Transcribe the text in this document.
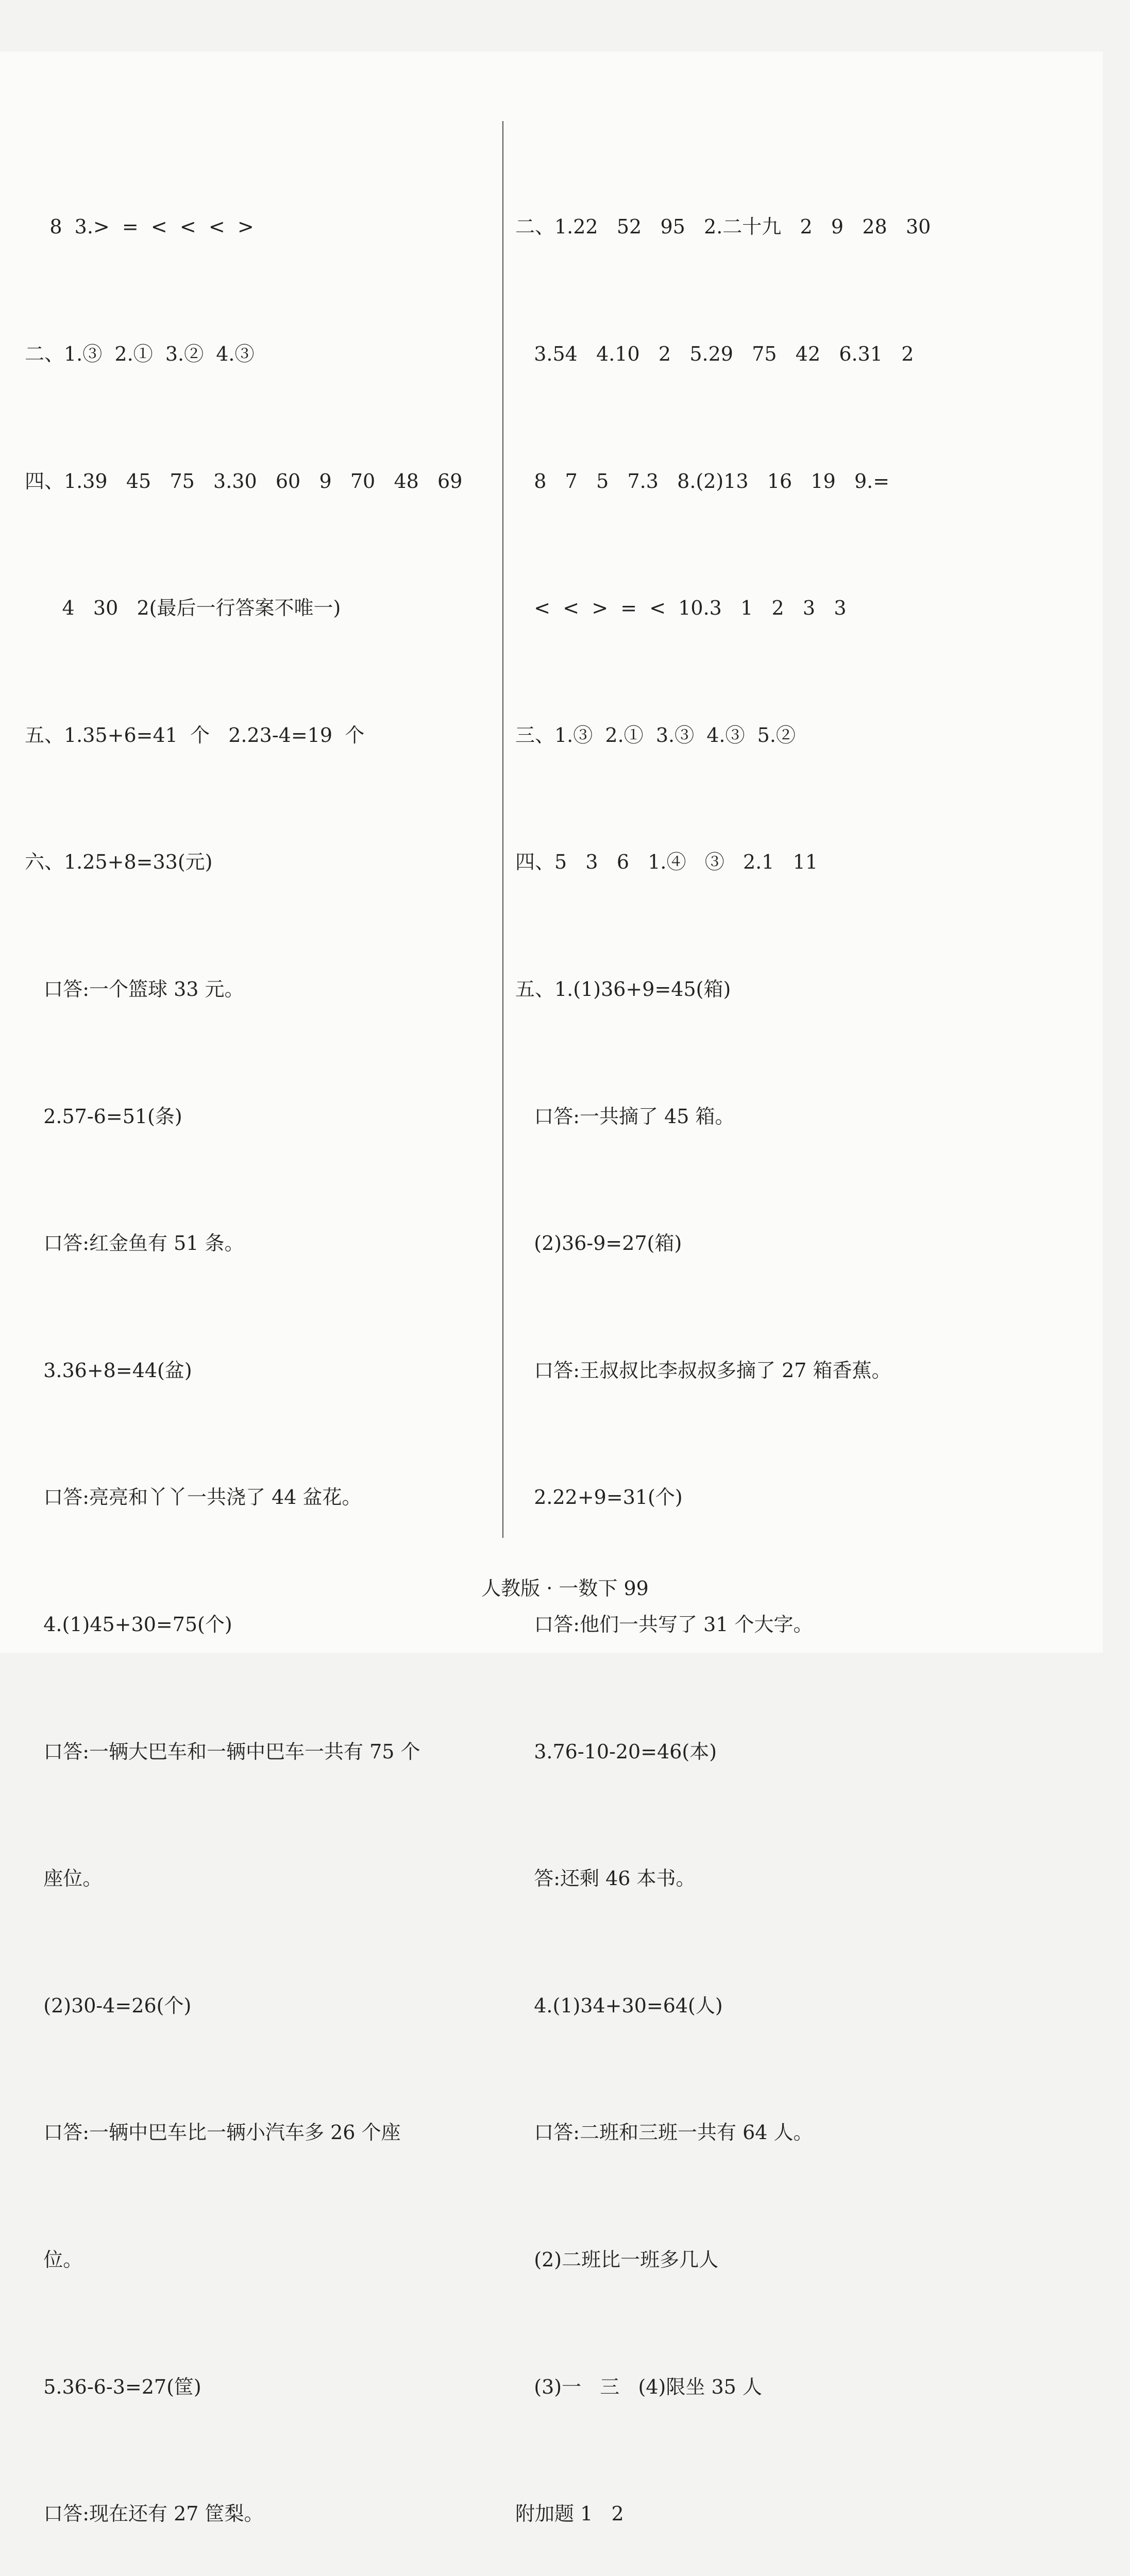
8  3.>  =  <  <  <  >

二、1.③  2.①  3.②  4.③

四、1.39   45   75   3.30   60   9   70   48   69

4   30   2(最后一行答案不唯一)

五、1.35+6=41  个   2.23-4=19  个

六、1.25+8=33(元)

口答:一个篮球 33 元。

2.57-6=51(条)

口答:红金鱼有 51 条。

3.36+8=44(盆)

口答:亮亮和丫丫一共浇了 44 盆花。

4.(1)45+30=75(个)

口答:一辆大巴车和一辆中巴车一共有 75 个

座位。

(2)30-4=26(个)

口答:一辆中巴车比一辆小汽车多 26 个座

位。

5.36-6-3=27(筐)

口答:现在还有 27 筐梨。

二、1.22   52   95   2.二十九   2   9   28   30

3.54   4.10   2   5.29   75   42   6.31   2

8   7   5   7.3   8.(2)13   16   19   9.=

<  <  >  =  <  10.3   1   2   3   3

三、1.③  2.①  3.③  4.③  5.②

四、5   3   6   1.④   ③   2.1   11

五、1.(1)36+9=45(箱)

口答:一共摘了 45 箱。

(2)36-9=27(箱)

口答:王叔叔比李叔叔多摘了 27 箱香蕉。

2.22+9=31(个)

口答:他们一共写了 31 个大字。

3.76-10-20=46(本)

答:还剩 46 本书。

4.(1)34+30=64(人)

口答:二班和三班一共有 64 人。

(2)二班比一班多几人

(3)一   三   (4)限坐 35 人

附加题 1   2

人教版 · 一数下 99
